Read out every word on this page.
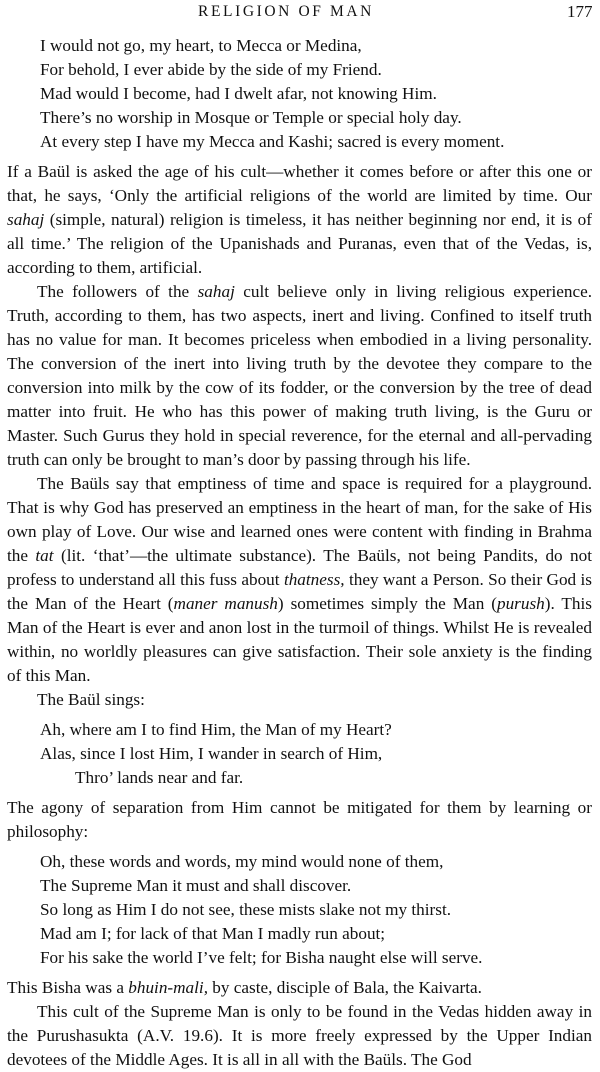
RELIGION OF MAN	177
I would not go, my heart, to Mecca or Medina,
For behold, I ever abide by the side of my Friend.
Mad would I become, had I dwelt afar, not knowing Him.
There’s no worship in Mosque or Temple or special holy day.
At every step I have my Mecca and Kashi; sacred is every moment.

If a Baül is asked the age of his cult—whether it comes before or after this one or that, he says, ‘Only the artificial religions of the world are limited by time. Our sahaj (simple, natural) religion is timeless, it has neither beginning nor end, it is of all time.’ The religion of the Upanishads and Puranas, even that of the Vedas, is, according to them, artificial.

The followers of the sahaj cult believe only in living religious experience. Truth, according to them, has two aspects, inert and living. Confined to itself truth has no value for man. It becomes priceless when embodied in a living personality. The conversion of the inert into living truth by the devotee they compare to the conversion into milk by the cow of its fodder, or the conversion by the tree of dead matter into fruit. He who has this power of making truth living, is the Guru or Master. Such Gurus they hold in special reverence, for the eternal and all-pervading truth can only be brought to man’s door by passing through his life.

The Baüls say that emptiness of time and space is required for a playground. That is why God has preserved an emptiness in the heart of man, for the sake of His own play of Love. Our wise and learned ones were content with finding in Brahma the tat (lit. ‘that’—the ultimate substance). The Baüls, not being Pandits, do not profess to understand all this fuss about thatness, they want a Person. So their God is the Man of the Heart (maner manush) sometimes simply the Man (purush). This Man of the Heart is ever and anon lost in the turmoil of things. Whilst He is revealed within, no worldly pleasures can give satisfaction. Their sole anxiety is the finding of this Man.

The Baül sings:

Ah, where am I to find Him, the Man of my Heart?
Alas, since I lost Him, I wander in search of Him,
Thro’ lands near and far.

The agony of separation from Him cannot be mitigated for them by learning or philosophy:

Oh, these words and words, my mind would none of them,
The Supreme Man it must and shall discover.
So long as Him I do not see, these mists slake not my thirst.
Mad am I; for lack of that Man I madly run about;
For his sake the world I’ve felt; for Bisha naught else will serve.

This Bisha was a bhuin-mali, by caste, disciple of Bala, the Kaivarta.

This cult of the Supreme Man is only to be found in the Vedas hidden away in the Purushasukta (A.V. 19.6). It is more freely expressed by the Upper Indian devotees of the Middle Ages. It is all in all with the Baüls. The God
